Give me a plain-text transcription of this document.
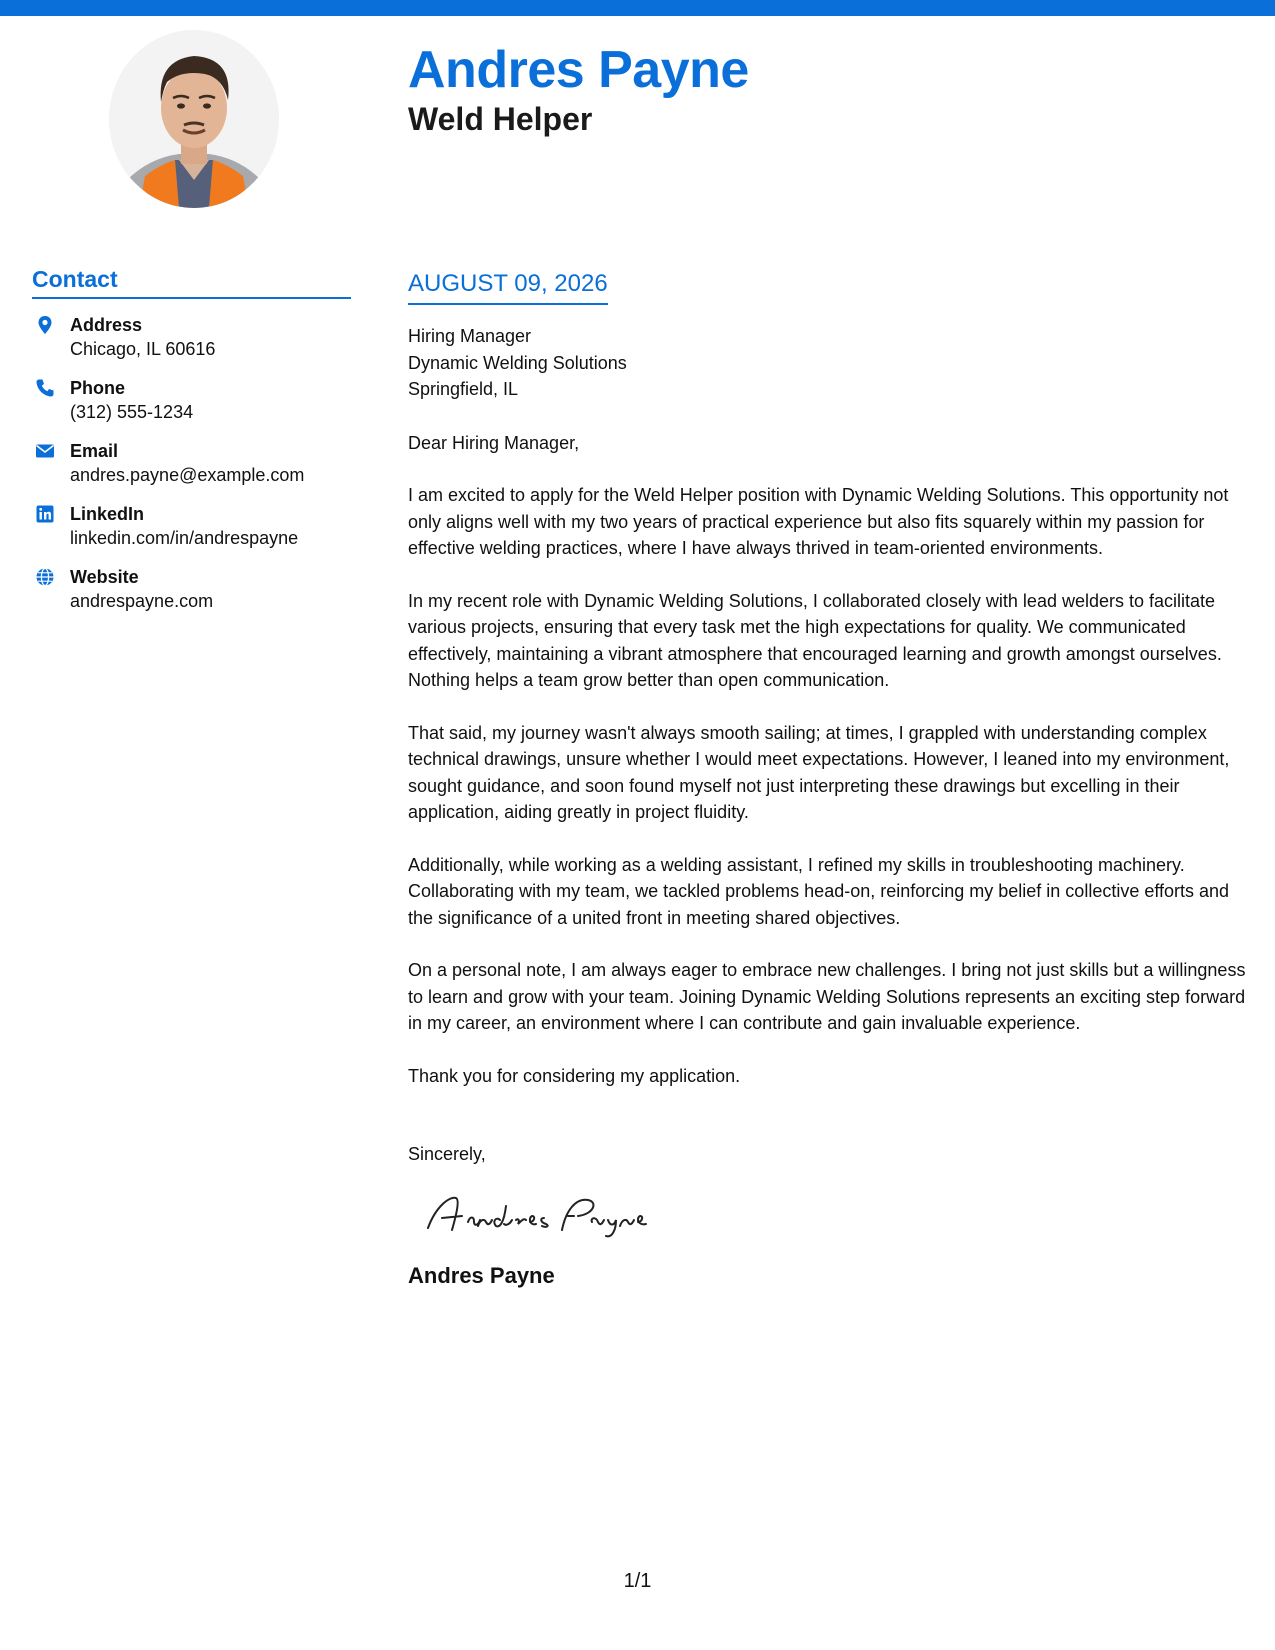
Andres Payne
Weld Helper
Contact
Address
Chicago, IL 60616
Phone
(312) 555-1234
Email
andres.payne@example.com
LinkedIn
linkedin.com/in/andrespayne
Website
andrespayne.com
AUGUST 09, 2026
Hiring Manager
Dynamic Welding Solutions
Springfield, IL
Dear Hiring Manager,

I am excited to apply for the Weld Helper position with Dynamic Welding Solutions. This opportunity not only aligns well with my two years of practical experience but also fits squarely within my passion for effective welding practices, where I have always thrived in team-oriented environments.

In my recent role with Dynamic Welding Solutions, I collaborated closely with lead welders to facilitate various projects, ensuring that every task met the high expectations for quality. We communicated effectively, maintaining a vibrant atmosphere that encouraged learning and growth amongst ourselves. Nothing helps a team grow better than open communication.

That said, my journey wasn't always smooth sailing; at times, I grappled with understanding complex technical drawings, unsure whether I would meet expectations. However, I leaned into my environment, sought guidance, and soon found myself not just interpreting these drawings but excelling in their application, aiding greatly in project fluidity.

Additionally, while working as a welding assistant, I refined my skills in troubleshooting machinery. Collaborating with my team, we tackled problems head-on, reinforcing my belief in collective efforts and the significance of a united front in meeting shared objectives.

On a personal note, I am always eager to embrace new challenges. I bring not just skills but a willingness to learn and grow with your team. Joining Dynamic Welding Solutions represents an exciting step forward in my career, an environment where I can contribute and gain invaluable experience.

Thank you for considering my application.

Sincerely,
Andres Payne
1/1
